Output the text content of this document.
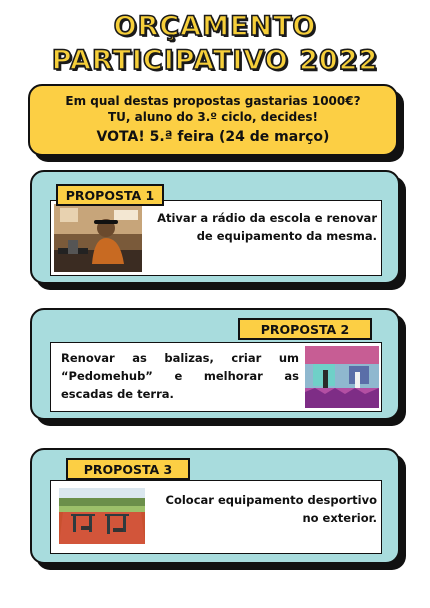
ORÇAMENTO
PARTICIPATIVO 2022

Em qual destas propostas gastarias 1000€?

TU, aluno do 3.º ciclo, decides!

VOTA! 5.ª feira (24 de março)

Ativar a rádio da escola e renovar de equipamento da mesma.
PROPOSTA 1
Renovar as balizas, criar um “Pedomehub” e melhorar as escadas de terra.
PROPOSTA 2
Colocar equipamento desportivo no exterior.
PROPOSTA 3
